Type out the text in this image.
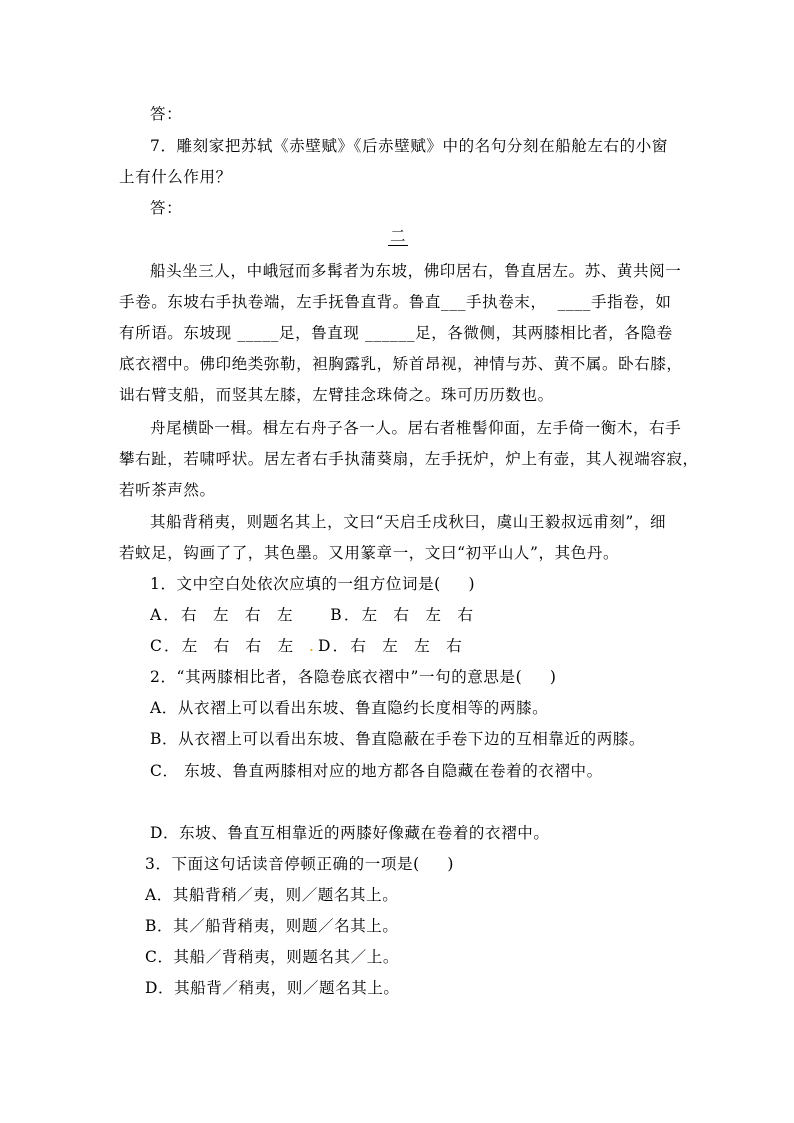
答：
7．雕刻家把苏轼《赤壁赋》《后赤壁赋》中的名句分刻在船舱左右的小窗
上有什么作用？
答：
二
船头坐三人，中峨冠而多髯者为东坡，佛印居右，鲁直居左。苏、黄共阅一
手卷。东坡右手执卷端，左手抚鲁直背。鲁直___手执卷末，  ____手指卷，如
有所语。东坡现 _____足，鲁直现 ______足，各微侧，其两膝相比者，各隐卷
底衣褶中。佛印绝类弥勒，袒胸露乳，矫首昂视，神情与苏、黄不属。卧右膝，
诎右臂支船，而竖其左膝，左臂挂念珠倚之。珠可历历数也。
舟尾横卧一楫。楫左右舟子各一人。居右者椎髻仰面，左手倚一衡木，右手
攀右趾，若啸呼状。居左者右手执蒲葵扇，左手抚炉，炉上有壶，其人视端容寂，
若听茶声然。
其船背稍夷，则题名其上，文曰“天启壬戌秋曰，虞山王毅叔远甫刻”，细
若蚊足，钩画了了，其色墨。又用篆章一，文曰“初平山人”，其色丹。
1．文中空白处依次应填的一组方位词是(     )
A．右  左  右  左     B．左  右  左  右
C．左  右  右  左 . D．右  左  左  右
2．“其两膝相比者，各隐卷底衣褶中”一句的意思是(     )
A．从衣褶上可以看出东坡、鲁直隐约长度相等的两膝。
B．从衣褶上可以看出东坡、鲁直隐蔽在手卷下边的互相靠近的两膝。
C． 东坡、鲁直两膝相对应的地方都各自隐藏在卷着的衣褶中。
D．东坡、鲁直互相靠近的两膝好像藏在卷着的衣褶中。
3．下面这句话读音停顿正确的一项是(     )
A．其船背稍／夷，则／题名其上。
B．其／船背稍夷，则题／名其上。
C．其船／背稍夷，则题名其／上。
D．其船背／稍夷，则／题名其上。
